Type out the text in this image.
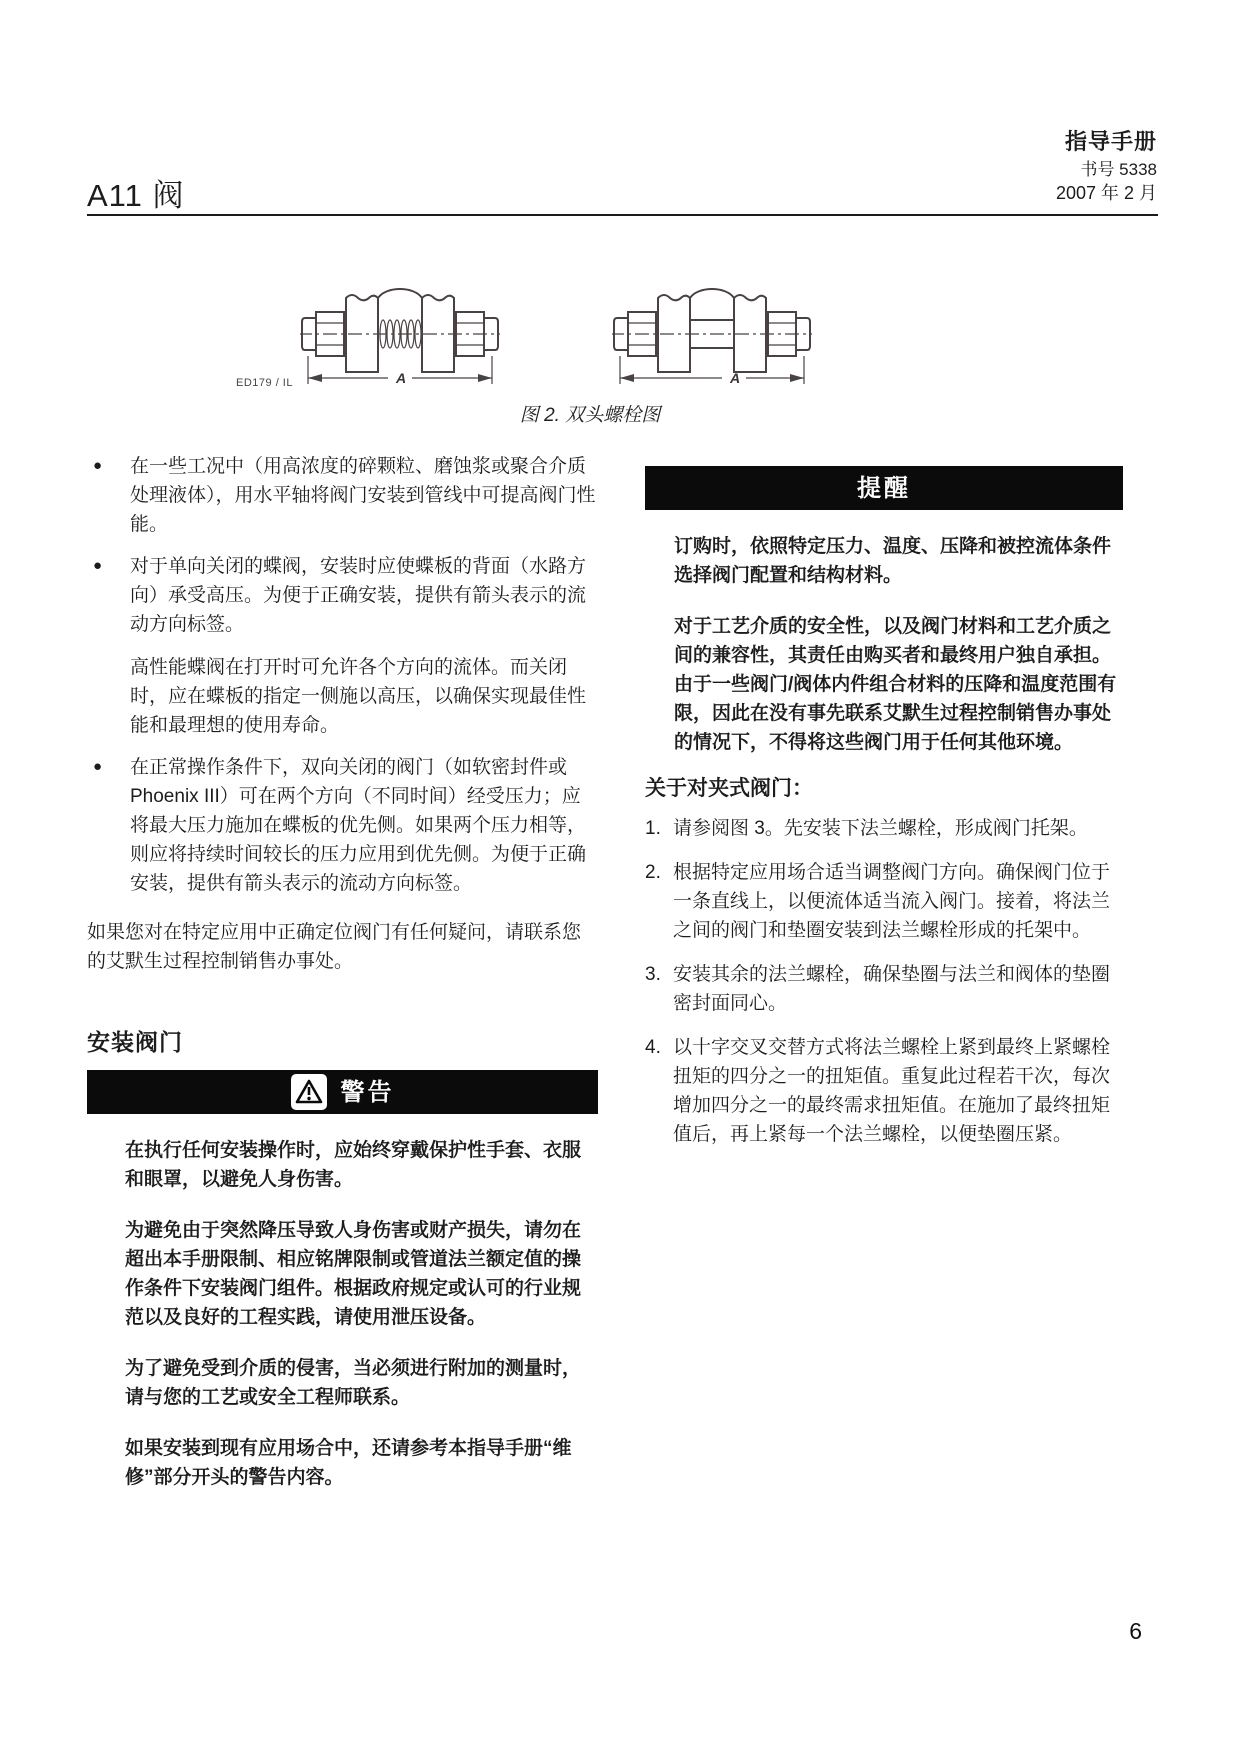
指导手册
书号 5338
2007 年 2 月
A11 阀
A	A
ED179 / IL
图 2. 双头螺栓图
● 在一些工况中（用高浓度的碎颗粒、磨蚀浆或聚合介质处理液体），用水平轴将阀门安装到管线中可提高阀门性能。
● 对于单向关闭的蝶阀，安装时应使蝶板的背面（水路方向）承受高压。为便于正确安装，提供有箭头表示的流动方向标签。
高性能蝶阀在打开时可允许各个方向的流体。而关闭时，应在蝶板的指定一侧施以高压，以确保实现最佳性能和最理想的使用寿命。
● 在正常操作条件下，双向关闭的阀门（如软密封件或 Phoenix III）可在两个方向（不同时间）经受压力；应将最大压力施加在蝶板的优先侧。如果两个压力相等，则应将持续时间较长的压力应用到优先侧。为便于正确安装，提供有箭头表示的流动方向标签。

如果您对在特定应用中正确定位阀门有任何疑问，请联系您的艾默生过程控制销售办事处。

安装阀门
警告

在执行任何安装操作时，应始终穿戴保护性手套、衣服和眼罩，以避免人身伤害。

为避免由于突然降压导致人身伤害或财产损失，请勿在超出本手册限制、相应铭牌限制或管道法兰额定值的操作条件下安装阀门组件。根据政府规定或认可的行业规范以及良好的工程实践，请使用泄压设备。

为了避免受到介质的侵害，当必须进行附加的测量时，请与您的工艺或安全工程师联系。

如果安装到现有应用场合中，还请参考本指导手册“维修”部分开头的警告内容。

提醒

订购时，依照特定压力、温度、压降和被控流体条件选择阀门配置和结构材料。

对于工艺介质的安全性，以及阀门材料和工艺介质之间的兼容性，其责任由购买者和最终用户独自承担。由于一些阀门/阀体内件组合材料的压降和温度范围有限，因此在没有事先联系艾默生过程控制销售办事处的情况下，不得将这些阀门用于任何其他环境。

关于对夹式阀门：
1. 请参阅图 3。先安装下法兰螺栓，形成阀门托架。
2. 根据特定应用场合适当调整阀门方向。确保阀门位于一条直线上，以便流体适当流入阀门。接着，将法兰之间的阀门和垫圈安装到法兰螺栓形成的托架中。
3. 安装其余的法兰螺栓，确保垫圈与法兰和阀体的垫圈密封面同心。
4. 以十字交叉交替方式将法兰螺栓上紧到最终上紧螺栓扭矩的四分之一的扭矩值。重复此过程若干次，每次增加四分之一的最终需求扭矩值。在施加了最终扭矩值后，再上紧每一个法兰螺栓，以便垫圈压紧。
6
